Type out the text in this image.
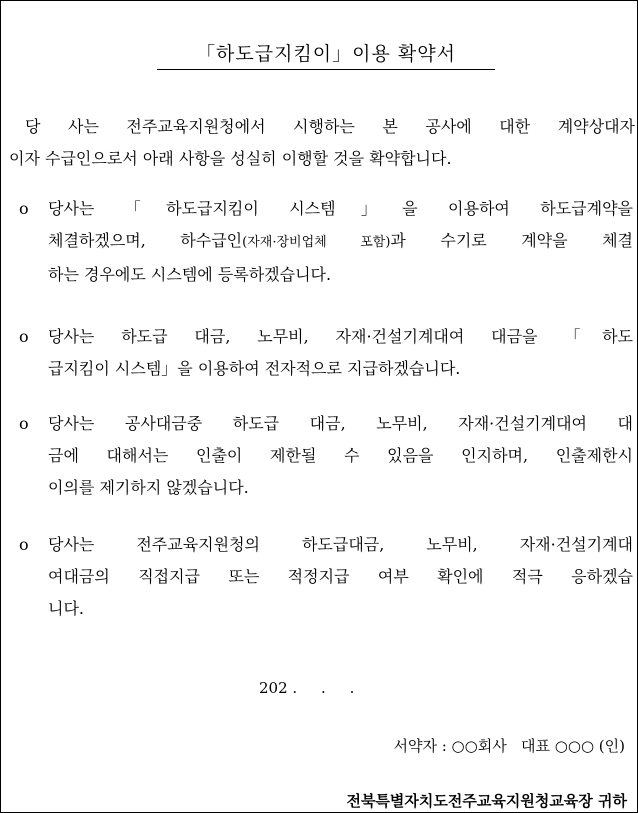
「하도급지킴이」이용 확약서
당 사는 전주교육지원청에서 시행하는 본 공사에 대한 계약상대자
이자 수급인으로서 아래 사항을 성실히 이행할 것을 확약합니다.
o	당사는 「하도급지킴이 시스템」을 이용하여 하도급계약을
체결하겠으며, 하수급인(자재·장비업체 포함)과 수기로 계약을 체결
하는 경우에도 시스템에 등록하겠습니다.
o	당사는 하도급 대금, 노무비, 자재·건설기계대여 대금을 「하도
급지킴이 시스템」을 이용하여 전자적으로 지급하겠습니다.
o	당사는 공사대금중 하도급 대금, 노무비, 자재·건설기계대여 대
금에 대해서는 인출이 제한될 수 있음을 인지하며, 인출제한시
이의를 제기하지 않겠습니다.
o	당사는 전주교육지원청의 하도급대금, 노무비, 자재·건설기계대
여대금의 직접지급 또는 적정지급 여부 확인에 적극 응하겠습
니다.
202 .     .     .
서약자 : ○○회사   대표 ○○○ (인)
전북특별자치도전주교육지원청교육장 귀하
